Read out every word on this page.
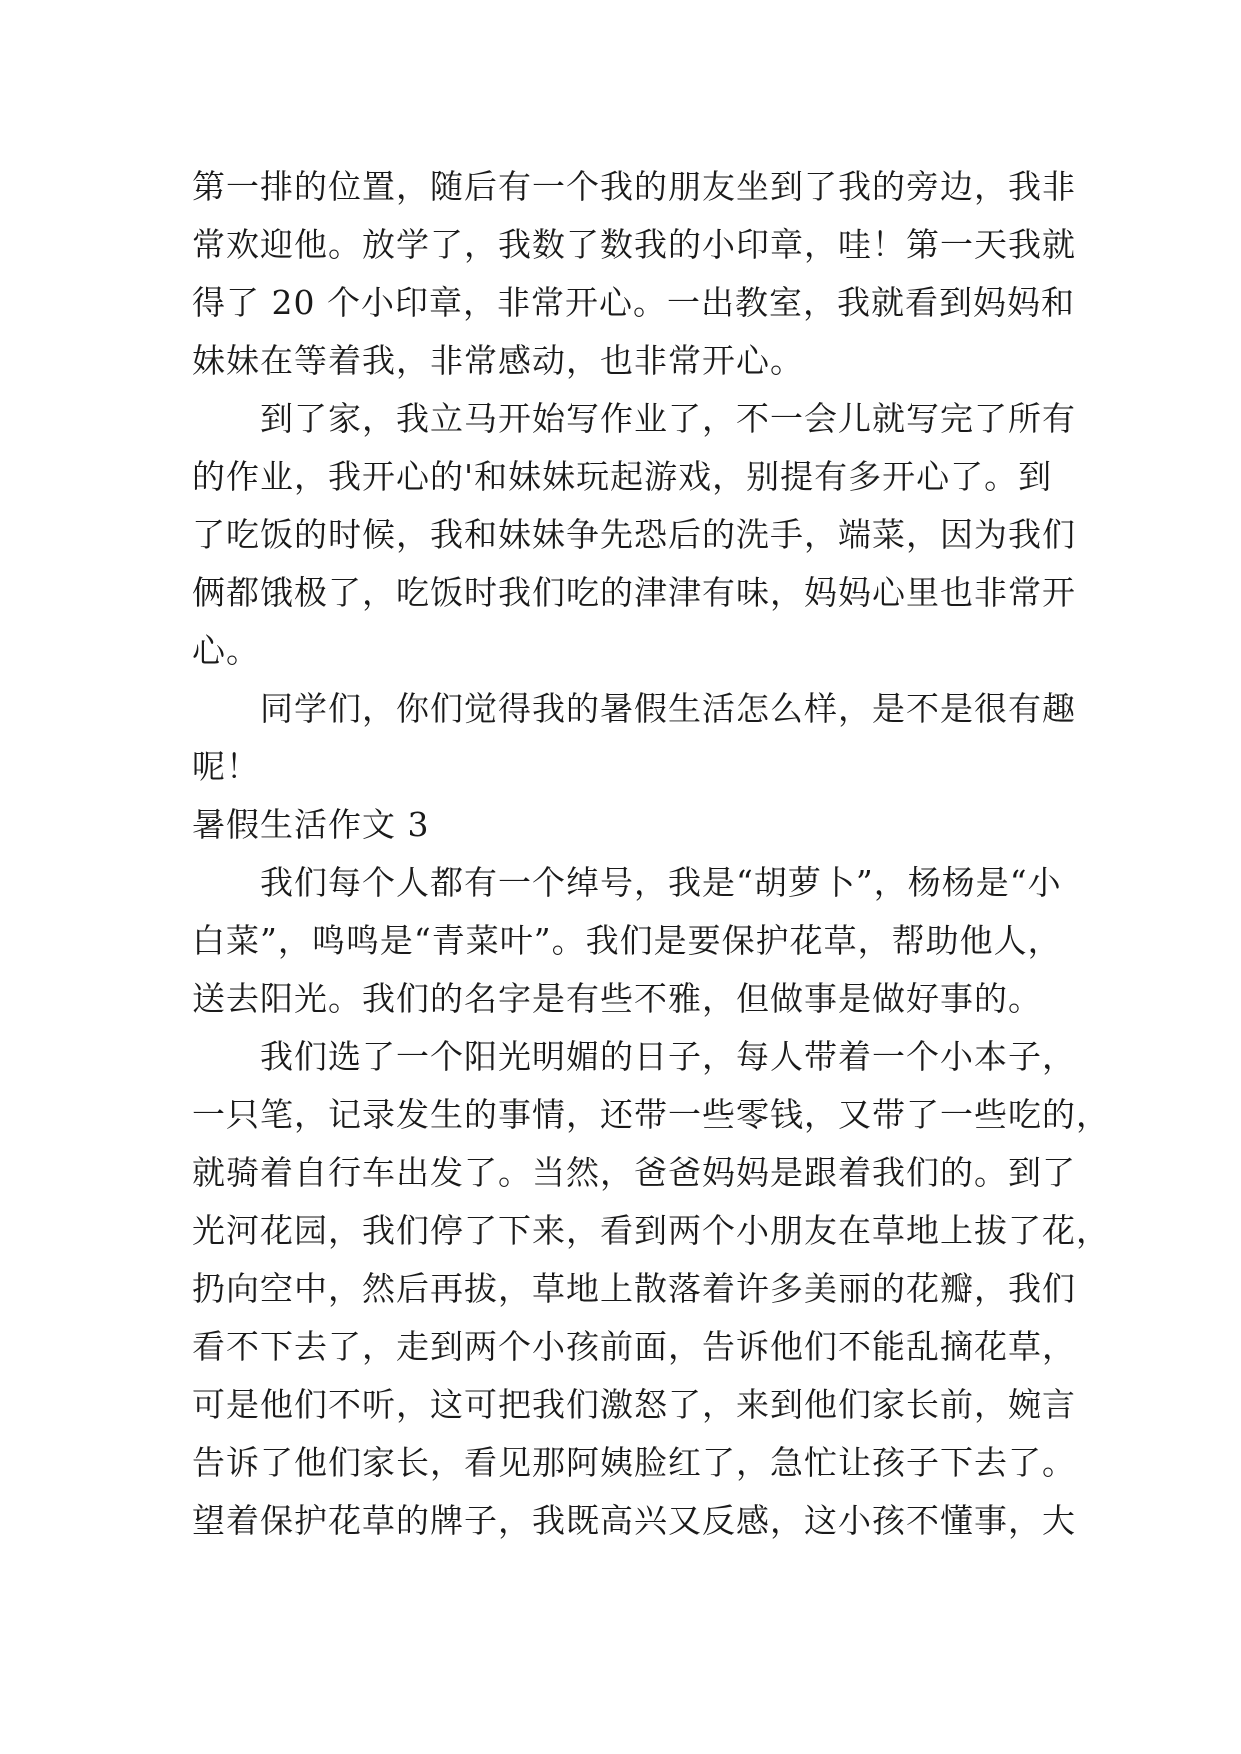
第一排的位置，随后有一个我的朋友坐到了我的旁边，我非
常欢迎他。放学了，我数了数我的小印章，哇！第一天我就
得了 20 个小印章，非常开心。一出教室，我就看到妈妈和
妹妹在等着我，非常感动，也非常开心。
　　到了家，我立马开始写作业了，不一会儿就写完了所有
的作业，我开心的'和妹妹玩起游戏，别提有多开心了。到
了吃饭的时候，我和妹妹争先恐后的洗手，端菜，因为我们
俩都饿极了，吃饭时我们吃的津津有味，妈妈心里也非常开
心。
　　同学们，你们觉得我的暑假生活怎么样，是不是很有趣
呢！
暑假生活作文 3
　　我们每个人都有一个绰号，我是“胡萝卜”，杨杨是“小
白菜”，鸣鸣是“青菜叶”。我们是要保护花草，帮助他人，
送去阳光。我们的名字是有些不雅，但做事是做好事的。
　　我们选了一个阳光明媚的日子，每人带着一个小本子，
一只笔，记录发生的事情，还带一些零钱，又带了一些吃的，
就骑着自行车出发了。当然，爸爸妈妈是跟着我们的。到了
光河花园，我们停了下来，看到两个小朋友在草地上拔了花，
扔向空中，然后再拔，草地上散落着许多美丽的花瓣，我们
看不下去了，走到两个小孩前面，告诉他们不能乱摘花草，
可是他们不听，这可把我们激怒了，来到他们家长前，婉言
告诉了他们家长，看见那阿姨脸红了，急忙让孩子下去了。
望着保护花草的牌子，我既高兴又反感，这小孩不懂事，大
